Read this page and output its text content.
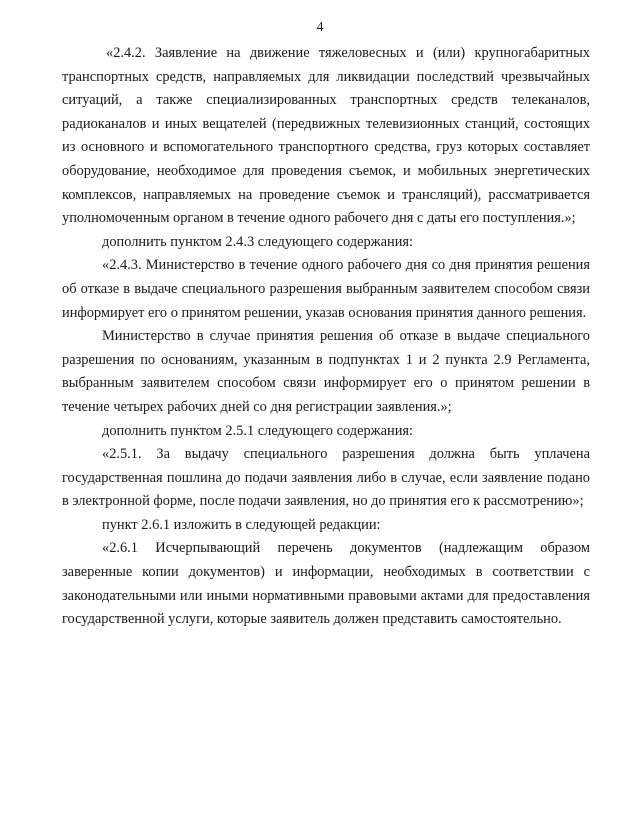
4

«2.4.2. Заявление на движение тяжеловесных и (или) крупногабаритных транспортных средств, направляемых для ликвидации последствий чрезвычайных ситуаций, а также специализированных транспортных средств телеканалов, радиоканалов и иных вещателей (передвижных телевизионных станций, состоящих из основного и вспомогательного транспортного средства, груз которых составляет оборудование, необходимое для проведения съемок, и мобильных энергетических комплексов, направляемых на проведение съемок и трансляций), рассматривается уполномоченным органом в течение одного рабочего дня с даты его поступления.»;

дополнить пунктом 2.4.3 следующего содержания:

«2.4.3. Министерство в течение одного рабочего дня со дня принятия решения об отказе в выдаче специального разрешения выбранным заявителем способом связи информирует его о принятом решении, указав основания принятия данного решения.

Министерство в случае принятия решения об отказе в выдаче специального разрешения по основаниям, указанным в подпунктах 1 и 2 пункта 2.9 Регламента, выбранным заявителем способом связи информирует его о принятом решении в течение четырех рабочих дней со дня регистрации заявления.»;

дополнить пунктом 2.5.1 следующего содержания:

«2.5.1. За выдачу специального разрешения должна быть уплачена государственная пошлина до подачи заявления либо в случае, если заявление подано в электронной форме, после подачи заявления, но до принятия его к рассмотрению»;

пункт 2.6.1 изложить в следующей редакции:

«2.6.1 Исчерпывающий перечень документов (надлежащим образом заверенные копии документов) и информации, необходимых в соответствии с законодательными или иными нормативными правовыми актами для предоставления государственной услуги, которые заявитель должен представить самостоятельно.
